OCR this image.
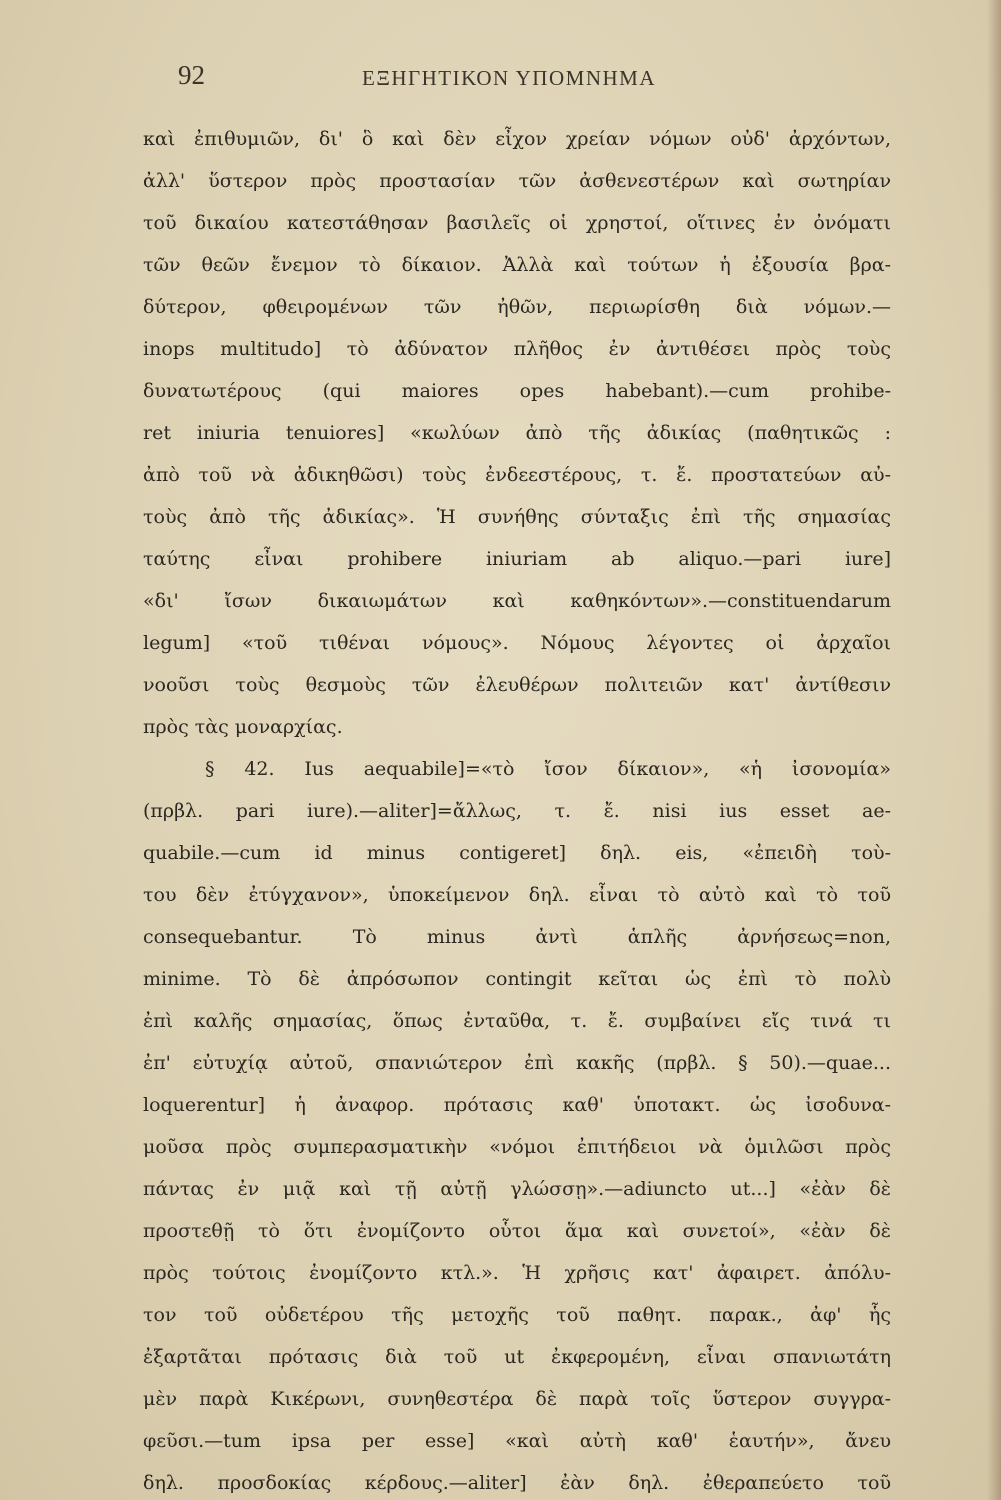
92	ΕΞΗΓΗΤΙΚΟΝ ΥΠΟΜΝΗΜΑ
καὶ ἐπιθυμιῶν, δι' ὃ καὶ δὲν εἶχον χρείαν νόμων οὐδ' ἀρχόντων,
ἀλλ' ὕστερον πρὸς προστασίαν τῶν ἀσθενεστέρων καὶ σωτηρίαν
τοῦ δικαίου κατεστάθησαν βασιλεῖς οἱ χρηστοί, οἵτινες ἐν ὀνόματι
τῶν θεῶν ἔνεμον τὸ δίκαιον. Ἀλλὰ καὶ τούτων ἡ ἐξουσία βρα-
δύτερον, φθειρομένων τῶν ἠθῶν, περιωρίσθη διὰ νόμων.—
inops multitudo] τὸ ἀδύνατον πλῆθος ἐν ἀντιθέσει πρὸς τοὺς
δυνατωτέρους (qui maiores opes habebant).—cum prohibe-
ret iniuria tenuiores] «κωλύων ἀπὸ τῆς ἀδικίας (παθητικῶς :
ἀπὸ τοῦ νὰ ἀδικηθῶσι) τοὺς ἐνδεεστέρους, τ. ἔ. προστατεύων αὐ-
τοὺς ἀπὸ τῆς ἀδικίας». Ἡ συνήθης σύνταξις ἐπὶ τῆς σημασίας
ταύτης εἶναι prohibere iniuriam ab aliquo.—pari iure]
«δι' ἴσων δικαιωμάτων καὶ καθηκόντων».—constituendarum
legum] «τοῦ τιθέναι νόμους». Νόμους λέγοντες οἱ ἀρχαῖοι
νοοῦσι τοὺς θεσμοὺς τῶν ἐλευθέρων πολιτειῶν κατ' ἀντίθεσιν
πρὸς τὰς μοναρχίας.
§ 42. Ius aequabile]=«τὸ ἴσον δίκαιον», «ἡ ἰσονομία»
(πρβλ. pari iure).—aliter]=ἄλλως, τ. ἔ. nisi ius esset ae-
quabile.—cum id minus contigeret] δηλ. eis, «ἐπειδὴ τοὺ-
του δὲν ἐτύγχανον», ὑποκείμενον δηλ. εἶναι τὸ αὐτὸ καὶ τὸ τοῦ
consequebantur. Τὸ minus ἀντὶ ἁπλῆς ἀρνήσεως=non,
minime. Τὸ δὲ ἀπρόσωπον contingit κεῖται ὡς ἐπὶ τὸ πολὺ
ἐπὶ καλῆς σημασίας, ὅπως ἐνταῦθα, τ. ἔ. συμβαίνει εἴς τινά τι
ἐπ' εὐτυχίᾳ αὐτοῦ, σπανιώτερον ἐπὶ κακῆς (πρβλ. § 50).—quae...
loquerentur] ἡ ἀναφορ. πρότασις καθ' ὑποτακτ. ὡς ἰσοδυνα-
μοῦσα πρὸς συμπερασματικὴν «νόμοι ἐπιτήδειοι νὰ ὁμιλῶσι πρὸς
πάντας ἐν μιᾷ καὶ τῇ αὐτῇ γλώσσῃ».—adiuncto ut...] «ἐὰν δὲ
προστεθῇ τὸ ὅτι ἐνομίζοντο οὗτοι ἅμα καὶ συνετοί», «ἐὰν δὲ
πρὸς τούτοις ἐνομίζοντο κτλ.». Ἡ χρῆσις κατ' ἀφαιρετ. ἀπόλυ-
τον τοῦ οὐδετέρου τῆς μετοχῆς τοῦ παθητ. παρακ., ἀφ' ἧς
ἐξαρτᾶται πρότασις διὰ τοῦ ut ἐκφερομένη, εἶναι σπανιωτάτη
μὲν παρὰ Κικέρωνι, συνηθεστέρα δὲ παρὰ τοῖς ὕστερον συγγρα-
φεῦσι.—tum ipsa per esse] «καὶ αὐτὴ καθ' ἑαυτήν», ἄνευ
δηλ. προσδοκίας κέρδους.—aliter] ἐὰν δηλ. ἐθεραπεύετο τοῦ
